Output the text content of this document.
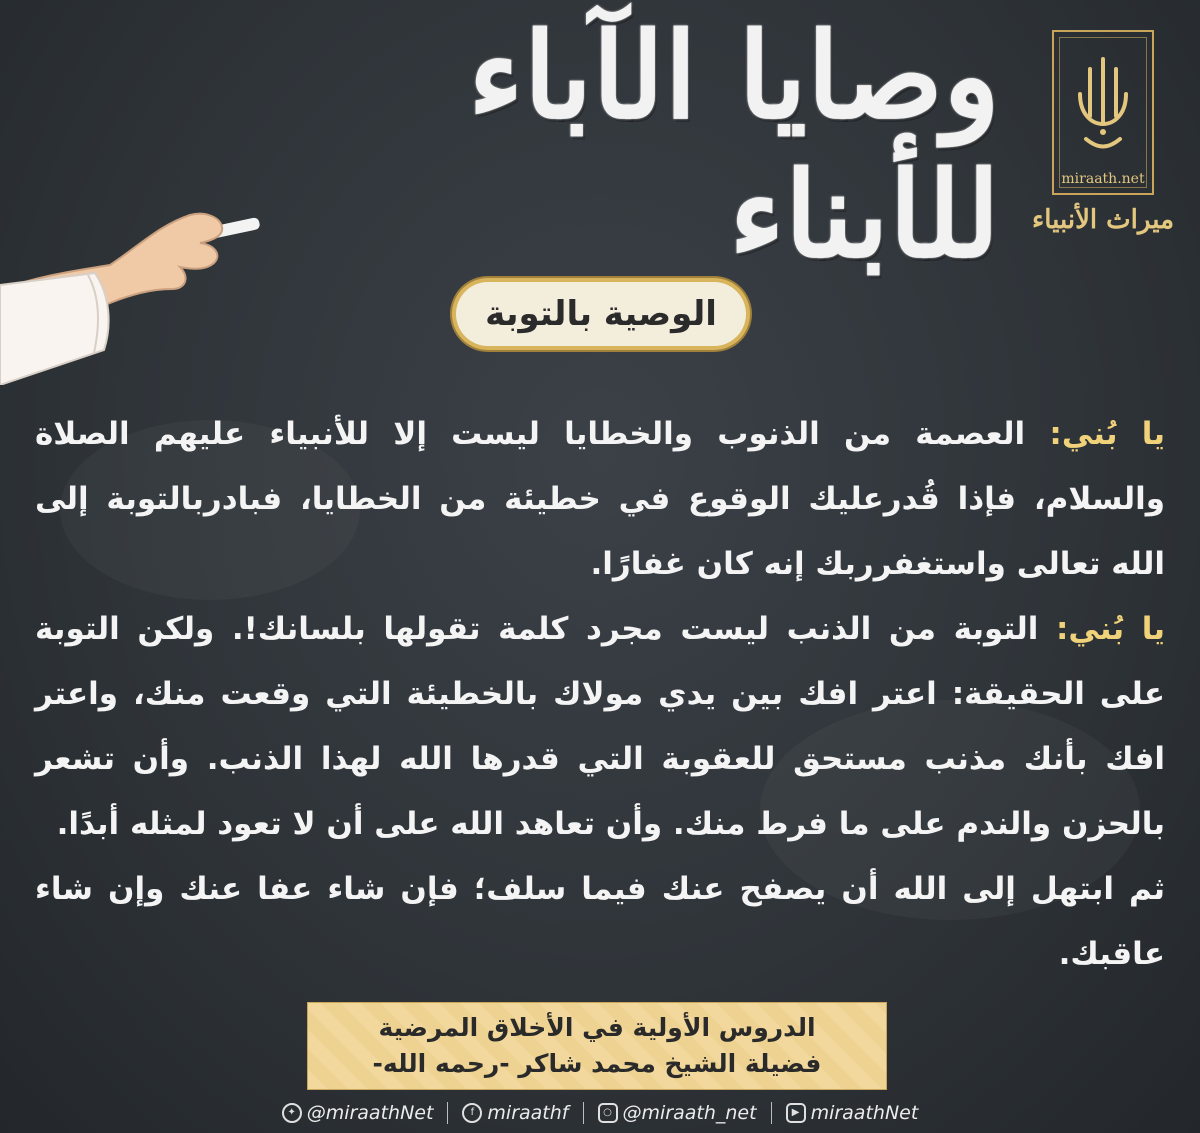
وصايا الآباء للأبناء	miraath.net
ميراث الأنبياء
الوصية بالتوبة

يا بُني: العصمة من الذنوب والخطايا ليست إلا للأنبياء عليهم الصلاة والسلام، فإذا قُدرعليك الوقوع في خطيئة من الخطايا، فبادربالتوبة إلى الله تعالى واستغفرربك إنه كان غفارًا.

يا بُني: التوبة من الذنب ليست مجرد كلمة تقولها بلسانك!. ولكن التوبة على الحقيقة: اعتر افك بين يدي مولاك بالخطيئة التي وقعت منك، واعتر افك بأنك مذنب مستحق للعقوبة التي قدرها الله لهذا الذنب. وأن تشعر بالحزن والندم على ما فرط منك. وأن تعاهد الله على أن لا تعود لمثله أبدًا.

ثم ابتهل إلى الله أن يصفح عنك فيما سلف؛ فإن شاء عفا عنك وإن شاء عاقبك.

الدروس الأولية في الأخلاق المرضية
فضيلة الشيخ محمد شاكر -رحمه الله-
✦ @miraathNet	f miraathf	○ @miraath_net	▶ miraathNet
